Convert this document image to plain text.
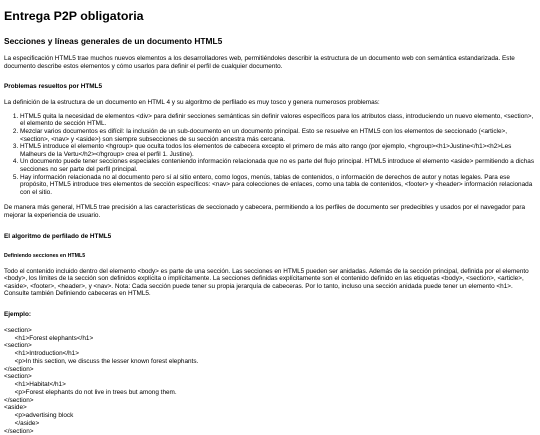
Entrega P2P obligatoria
Secciones y líneas generales de un documento HTML5

La especificación HTML5 trae muchos nuevos elementos a los desarrolladores web, permitiéndoles describir la estructura de un documento web con semántica estandarizada. Este documento describe estos elementos y cómo usarlos para definir el perfil de cualquier documento.

Problemas resueltos por HTML5

La definición de la estructura de un documento en HTML 4 y su algoritmo de perfilado es muy tosco y genera numerosos problemas:

1. HTML5 quita la necesidad de elementos <div> para definir secciones semánticas sin definir valores específicos para los atributos class, introduciendo un nuevo elemento, <section>, el elemento de sección HTML.
2. Mezclar varios documentos es difícil: la inclusión de un sub-documento en un documento principal. Esto se resuelve en HTML5 con los elementos de seccionado (<article>, <section>, <nav> y <aside>) son siempre subsecciones de su sección ancestra más cercana.
3. HTML5 introduce el elemento <hgroup> que oculta todos los elementos de cabecera excepto el primero de más alto rango (por ejemplo, <hgroup><h1>Justine</h1><h2>Les Malheurs de la Vertu</h2></hgroup> crea el perfil 1. Justine).
4. Un documento puede tener secciones especiales conteniendo información relacionada que no es parte del flujo principal. HTML5 introduce el elemento <aside> permitiendo a dichas secciones no ser parte del perfil principal.
5. Hay información relacionada no al documento pero sí al sitio entero, como logos, menús, tablas de contenidos, o información de derechos de autor y notas legales. Para ese propósito, HTML5 introduce tres elementos de sección específicos: <nav> para colecciones de enlaces, como una tabla de contenidos, <footer> y <header> información relacionada con el sitio.

De manera más general, HTML5 trae precisión a las características de seccionado y cabecera, permitiendo a los perfiles de documento ser predecibles y usados por el navegador para mejorar la experiencia de usuario.

El algoritmo de perfilado de HTML5
Definiendo secciones en HTML5

Todo el contenido incluido dentro del elemento <body> es parte de una sección. Las secciones en HTML5 pueden ser anidadas. Además de la sección principal, definida por el elemento <body>, los límites de la sección son definidos explícita o implícitamente. La secciones definidas explícitamente son el contenido definido en las etiquetas <body>, <section>, <article>, <aside>, <footer>, <header>, y <nav>. Nota: Cada sección puede tener su propia jerarquía de cabeceras. Por lo tanto, incluso una sección anidada puede tener un elemento <h1>. Consulte también Definiendo cabeceras en HTML5.

Ejemplo:
<section>
<h1>Forest elephants</h1>
<section>
<h1>Introduction</h1>
<p>In this section, we discuss the lesser known forest elephants.
</section>
<section>
<h1>Habitat</h1>
<p>Forest elephants do not live in trees but among them.
</section>
<aside>
<p>advertising block
</aside>
</section>
